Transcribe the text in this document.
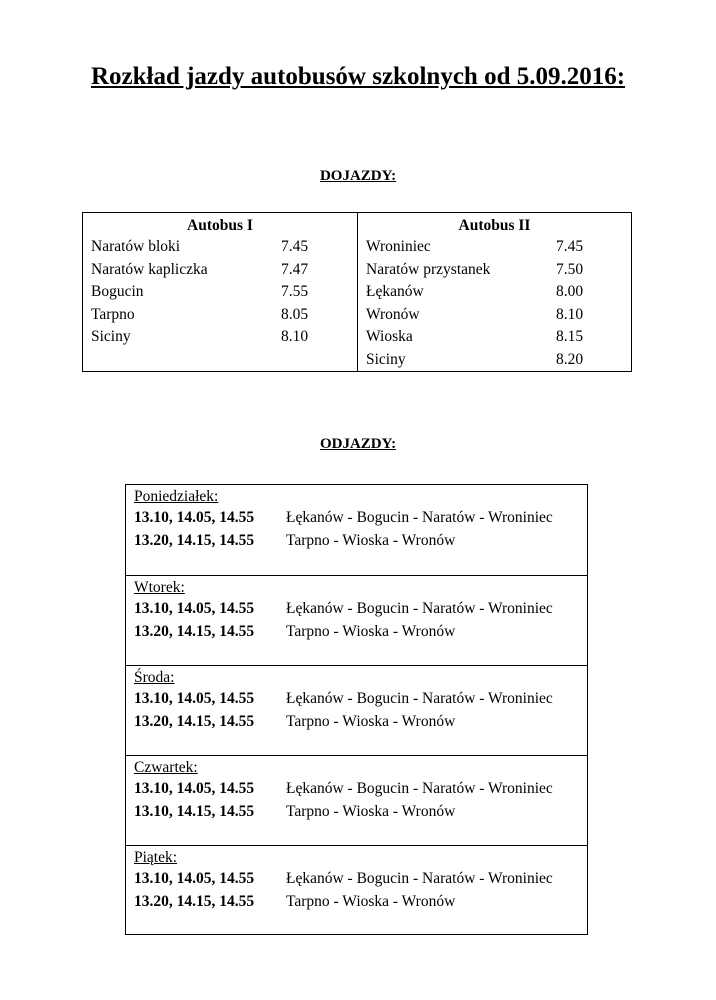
Rozkład jazdy autobusów szkolnych od 5.09.2016:
DOJAZDY:
Autobus I
Naratów bloki	7.45
Naratów kapliczka	7.47
Bogucin	7.55
Tarpno	8.05
Siciny	8.10
Autobus II
Wroniniec	7.45
Naratów przystanek	7.50
Łękanów	8.00
Wronów	8.10
Wioska	8.15
Siciny	8.20
ODJAZDY:
Poniedziałek:
13.10, 14.05, 14.55	Łękanów - Bogucin - Naratów - Wroniniec
13.20, 14.15, 14.55	Tarpno - Wioska - Wronów
Wtorek:
13.10, 14.05, 14.55	Łękanów - Bogucin - Naratów - Wroniniec
13.20, 14.15, 14.55	Tarpno - Wioska - Wronów
Środa:
13.10, 14.05, 14.55	Łękanów - Bogucin - Naratów - Wroniniec
13.20, 14.15, 14.55	Tarpno - Wioska - Wronów
Czwartek:
13.10, 14.05, 14.55	Łękanów - Bogucin - Naratów - Wroniniec
13.10, 14.15, 14.55	Tarpno - Wioska - Wronów
Piątek:
13.10, 14.05, 14.55	Łękanów - Bogucin - Naratów - Wroniniec
13.20, 14.15, 14.55	Tarpno - Wioska - Wronów
